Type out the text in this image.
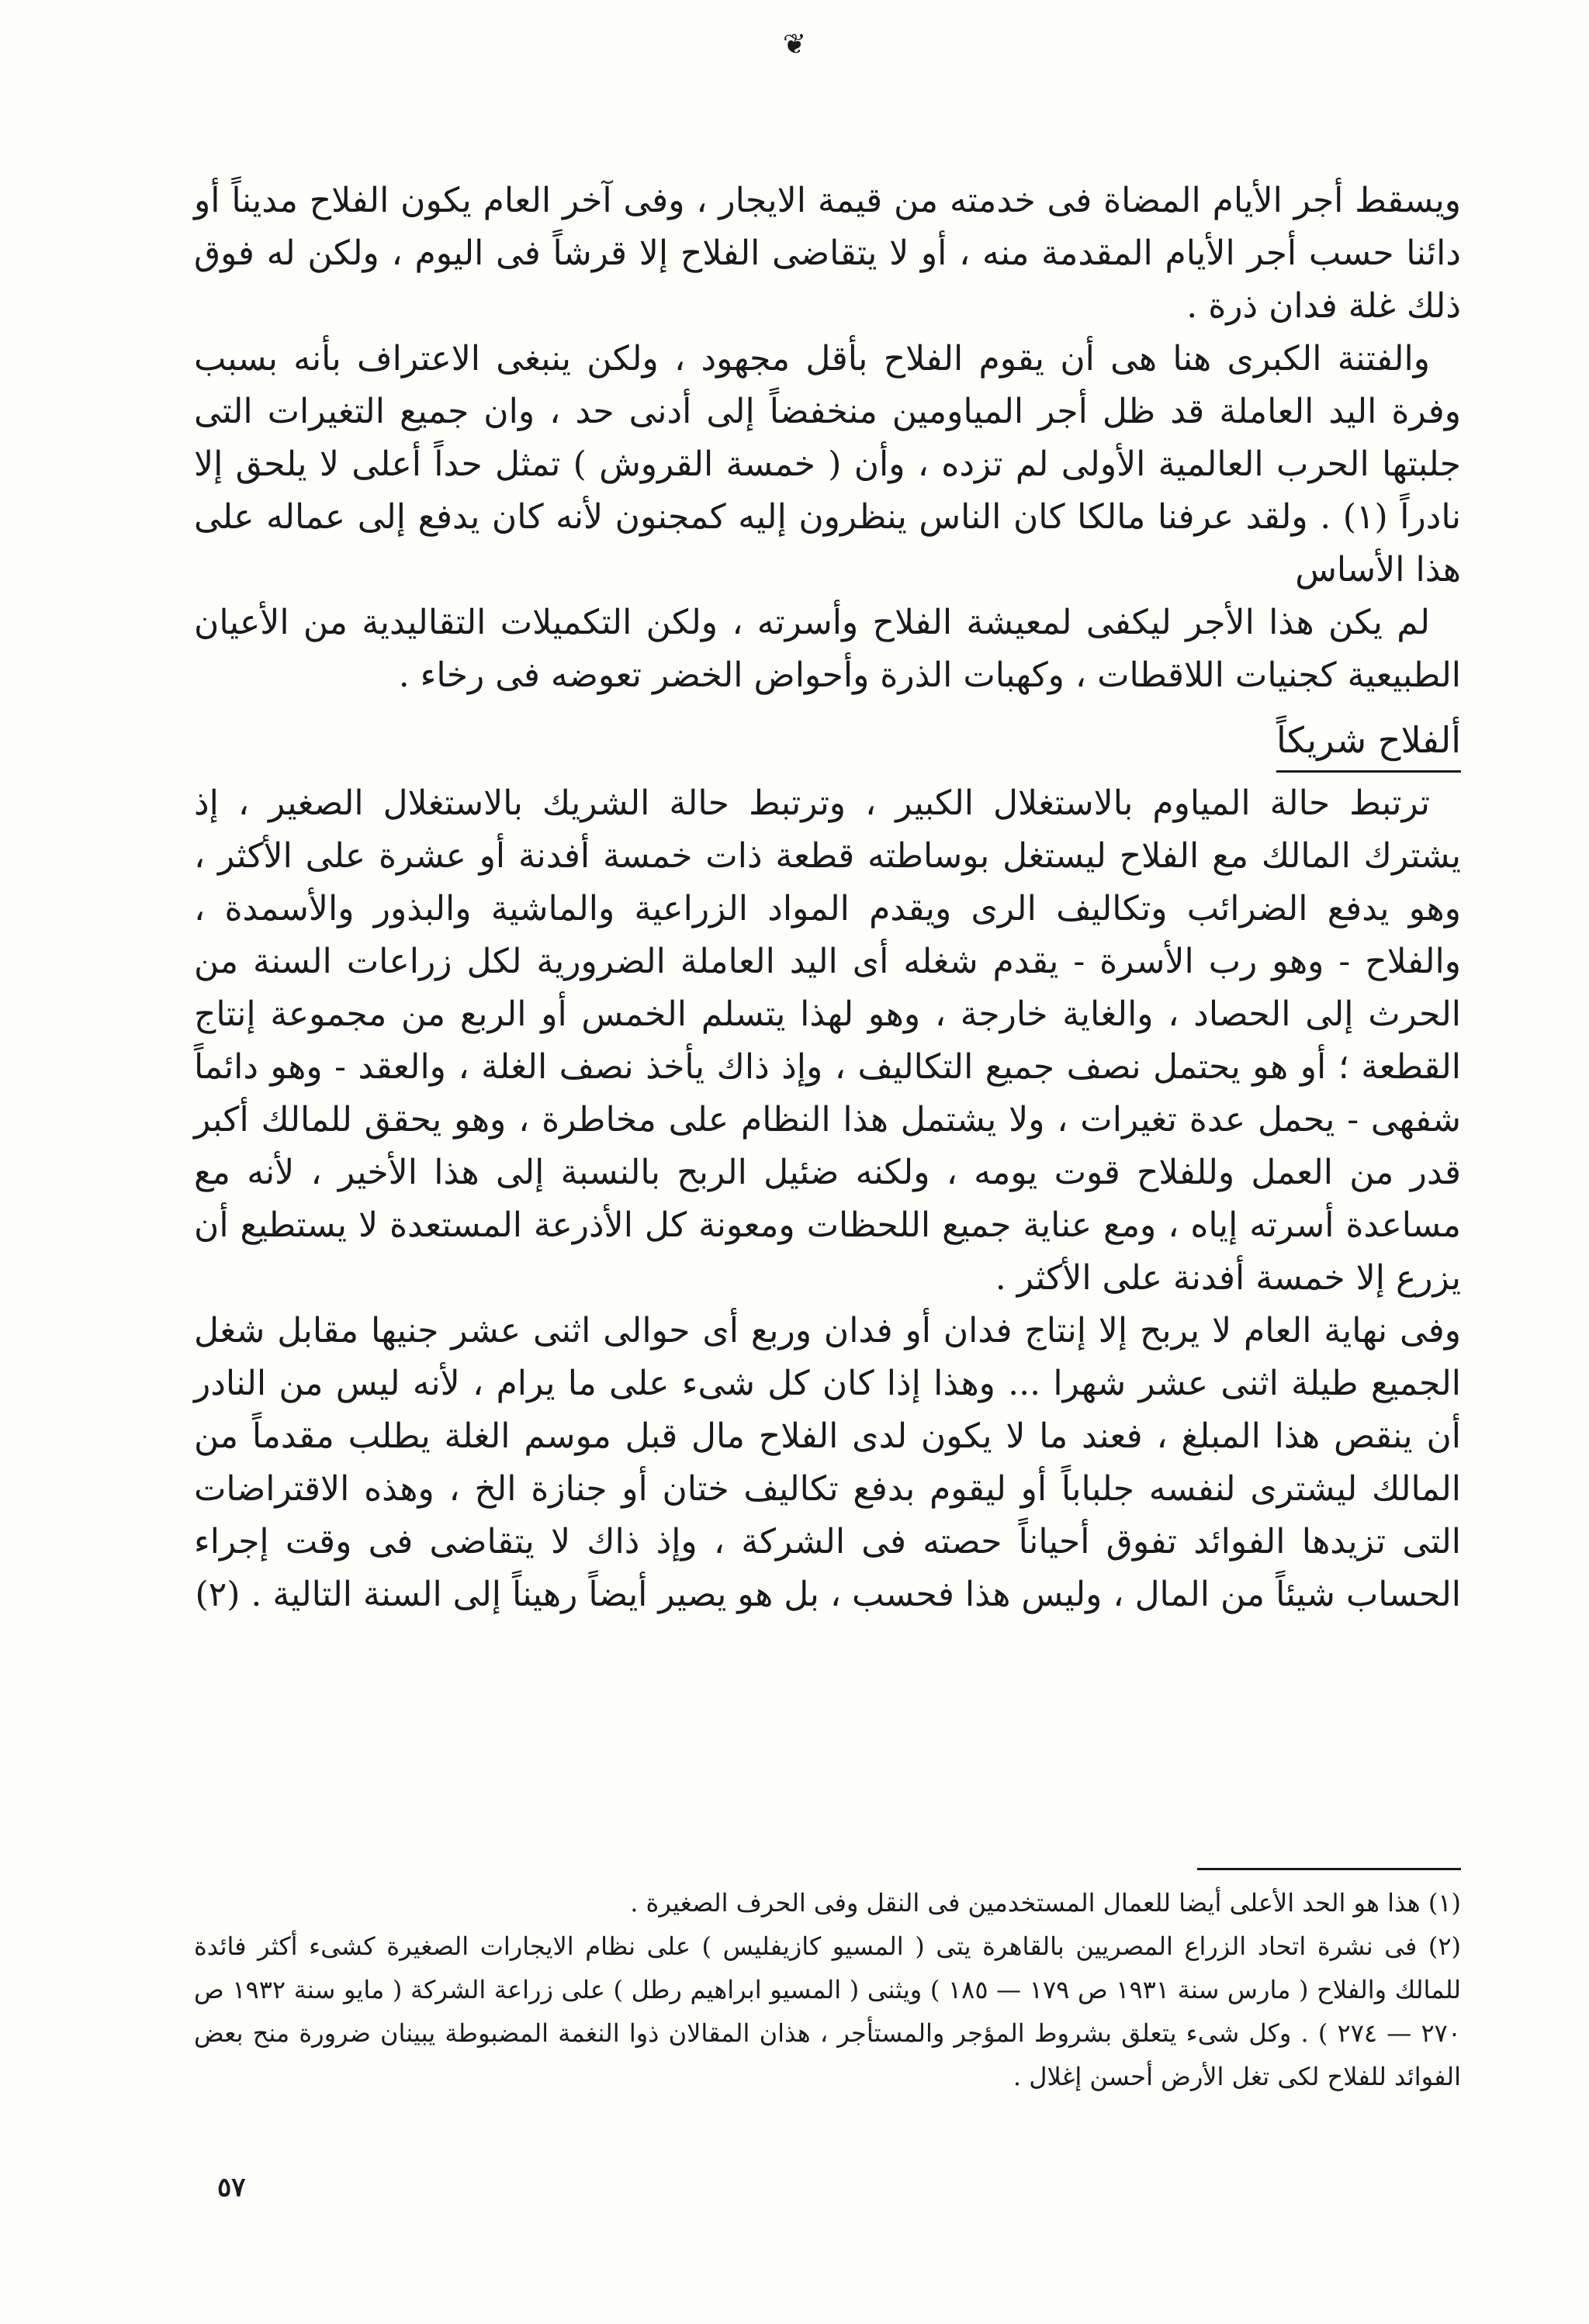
❦

ويسقط أجر الأيام المضاة فى خدمته من قيمة الايجار ، وفى آخر العام يكون الفلاح مديناً أو دائنا حسب أجر الأيام المقدمة منه ، أو لا يتقاضى الفلاح إلا قرشاً فى اليوم ، ولكن له فوق ذلك غلة فدان ذرة .

والفتنة الكبرى هنا هى أن يقوم الفلاح بأقل مجهود ، ولكن ينبغى الاعتراف بأنه بسبب وفرة اليد العاملة قد ظل أجر المياومين منخفضاً إلى أدنى حد ، وان جميع التغيرات التى جلبتها الحرب العالمية الأولى لم تزده ، وأن ( خمسة القروش ) تمثل حداً أعلى لا يلحق إلا نادراً (١) . ولقد عرفنا مالكا كان الناس ينظرون إليه كمجنون لأنه كان يدفع إلى عماله على هذا الأساس

لم يكن هذا الأجر ليكفى لمعيشة الفلاح وأسرته ، ولكن التكميلات التقاليدية من الأعيان الطبيعية كجنيات اللاقطات ، وكهبات الذرة وأحواض الخضر تعوضه فى رخاء .

ألفلاح شريكاً

ترتبط حالة المياوم بالاستغلال الكبير ، وترتبط حالة الشريك بالاستغلال الصغير ، إذ يشترك المالك مع الفلاح ليستغل بوساطته قطعة ذات خمسة أفدنة أو عشرة على الأكثر ، وهو يدفع الضرائب وتكاليف الرى ويقدم المواد الزراعية والماشية والبذور والأسمدة ، والفلاح - وهو رب الأسرة - يقدم شغله أى اليد العاملة الضرورية لكل زراعات السنة من الحرث إلى الحصاد ، والغاية خارجة ، وهو لهذا يتسلم الخمس أو الربع من مجموعة إنتاج القطعة ؛ أو هو يحتمل نصف جميع التكاليف ، وإذ ذاك يأخذ نصف الغلة ، والعقد - وهو دائماً شفهى - يحمل عدة تغيرات ، ولا يشتمل هذا النظام على مخاطرة ، وهو يحقق للمالك أكبر قدر من العمل وللفلاح قوت يومه ، ولكنه ضئيل الربح بالنسبة إلى هذا الأخير ، لأنه مع مساعدة أسرته إياه ، ومع عناية جميع اللحظات ومعونة كل الأذرعة المستعدة لا يستطيع أن يزرع إلا خمسة أفدنة على الأكثر .

وفى نهاية العام لا يربح إلا إنتاج فدان أو فدان وربع أى حوالى اثنى عشر جنيها مقابل شغل الجميع طيلة اثنى عشر شهرا ... وهذا إذا كان كل شىء على ما يرام ، لأنه ليس من النادر أن ينقص هذا المبلغ ، فعند ما لا يكون لدى الفلاح مال قبل موسم الغلة يطلب مقدماً من المالك ليشترى لنفسه جلباباً أو ليقوم بدفع تكاليف ختان أو جنازة الخ ، وهذه الاقتراضات التى تزيدها الفوائد تفوق أحياناً حصته فى الشركة ، وإذ ذاك لا يتقاضى فى وقت إجراء الحساب شيئاً من المال ، وليس هذا فحسب ، بل هو يصير أيضاً رهيناً إلى السنة التالية . (٢)

(١) هذا هو الحد الأعلى أيضا للعمال المستخدمين فى النقل وفى الحرف الصغيرة .

(٢) فى نشرة اتحاد الزراع المصريين بالقاهرة يتى ( المسيو كازيفليس ) على نظام الايجارات الصغيرة كشىء أكثر فائدة للمالك والفلاح ( مارس سنة ١٩٣١ ص ١٧٩ — ١٨٥ ) ويثنى ( المسيو ابراهيم رطل ) على زراعة الشركة ( مايو سنة ١٩٣٢ ص ٢٧٠ — ٢٧٤ ) . وكل شىء يتعلق بشروط المؤجر والمستأجر ، هذان المقالان ذوا النغمة المضبوطة يبينان ضرورة منح بعض الفوائد للفلاح لكى تغل الأرض أحسن إغلال .

٥٧
